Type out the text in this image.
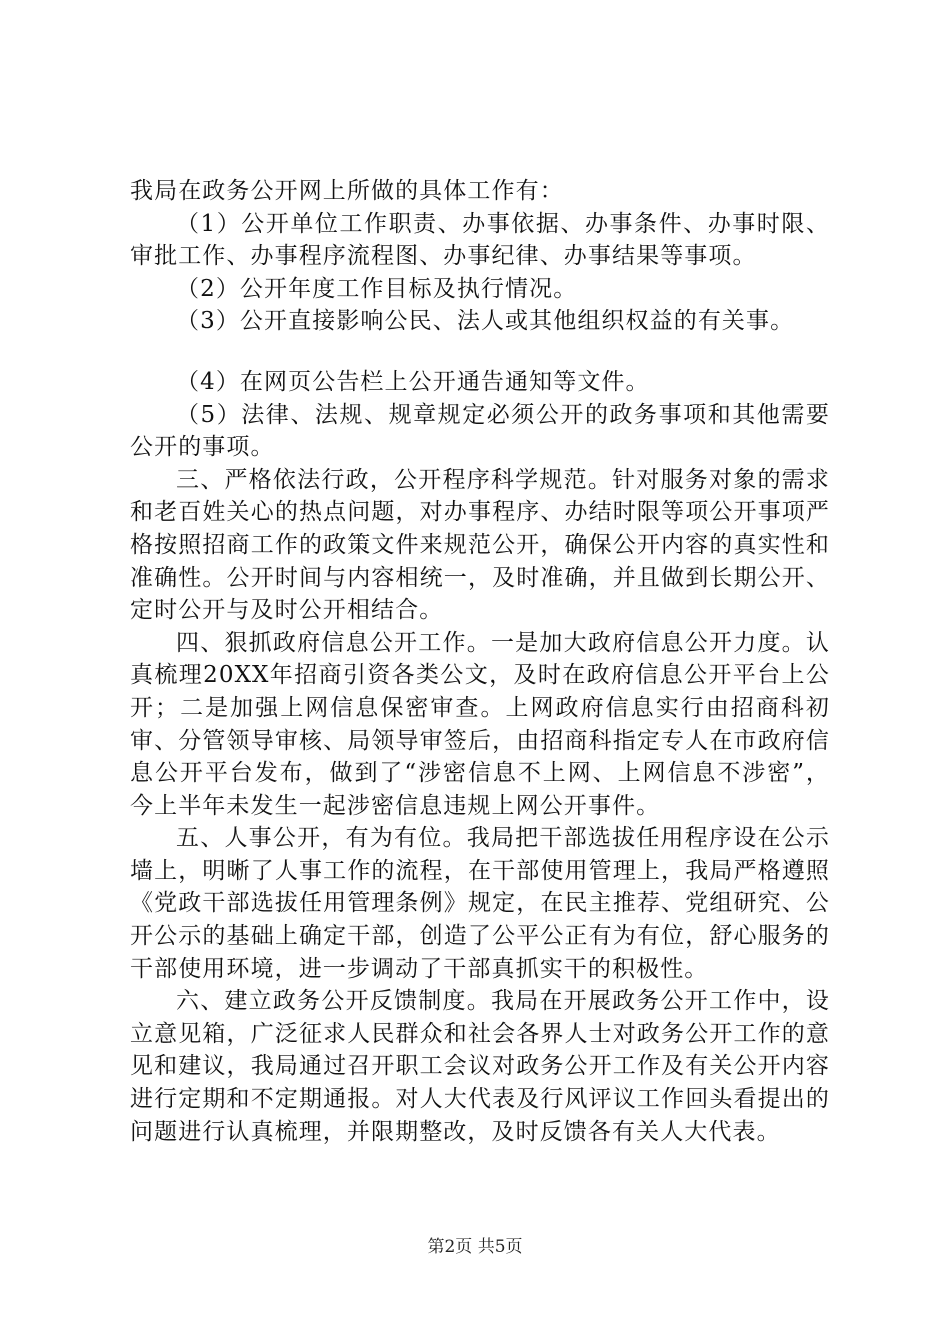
我局在政务公开网上所做的具体工作有：

（1）公开单位工作职责、办事依据、办事条件、办事时限、审批工作、办事程序流程图、办事纪律、办事结果等事项。

（2）公开年度工作目标及执行情况。

（3）公开直接影响公民、法人或其他组织权益的有关事。

（4）在网页公告栏上公开通告通知等文件。

（5）法律、法规、规章规定必须公开的政务事项和其他需要公开的事项。

三、严格依法行政，公开程序科学规范。针对服务对象的需求和老百姓关心的热点问题，对办事程序、办结时限等项公开事项严格按照招商工作的政策文件来规范公开，确保公开内容的真实性和准确性。公开时间与内容相统一，及时准确，并且做到长期公开、定时公开与及时公开相结合。

四、狠抓政府信息公开工作。一是加大政府信息公开力度。认真梳理20XX年招商引资各类公文，及时在政府信息公开平台上公开；二是加强上网信息保密审查。上网政府信息实行由招商科初审、分管领导审核、局领导审签后，由招商科指定专人在市政府信息公开平台发布，做到了“涉密信息不上网、上网信息不涉密”，今上半年未发生一起涉密信息违规上网公开事件。

五、人事公开，有为有位。我局把干部选拔任用程序设在公示墙上，明晰了人事工作的流程，在干部使用管理上，我局严格遵照《党政干部选拔任用管理条例》规定，在民主推荐、党组研究、公开公示的基础上确定干部，创造了公平公正有为有位，舒心服务的干部使用环境，进一步调动了干部真抓实干的积极性。

六、建立政务公开反馈制度。我局在开展政务公开工作中，设立意见箱，广泛征求人民群众和社会各界人士对政务公开工作的意见和建议，我局通过召开职工会议对政务公开工作及有关公开内容进行定期和不定期通报。对人大代表及行风评议工作回头看提出的问题进行认真梳理，并限期整改，及时反馈各有关人大代表。

第2页 共5页
